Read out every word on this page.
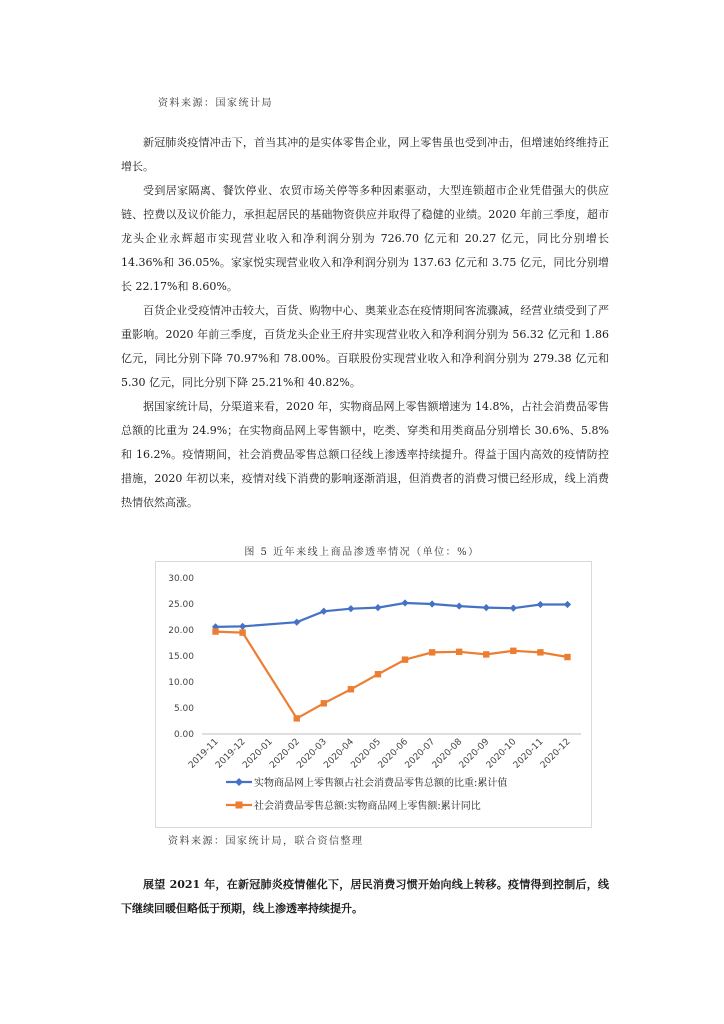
资料来源：国家统计局

新冠肺炎疫情冲击下，首当其冲的是实体零售企业，网上零售虽也受到冲击，但增速始终维持正增长。

受到居家隔离、餐饮停业、农贸市场关停等多种因素驱动，大型连锁超市企业凭借强大的供应链、控费以及议价能力，承担起居民的基础物资供应并取得了稳健的业绩。2020 年前三季度，超市龙头企业永辉超市实现营业收入和净利润分别为 726.70 亿元和 20.27 亿元，同比分别增长 14.36%和 36.05%。家家悦实现营业收入和净利润分别为 137.63 亿元和 3.75 亿元，同比分别增长 22.17%和 8.60%。

百货企业受疫情冲击较大，百货、购物中心、奥莱业态在疫情期间客流骤减，经营业绩受到了严重影响。2020 年前三季度，百货龙头企业王府井实现营业收入和净利润分别为 56.32 亿元和 1.86 亿元，同比分别下降 70.97%和 78.00%。百联股份实现营业收入和净利润分别为 279.38 亿元和 5.30 亿元，同比分别下降 25.21%和 40.82%。

据国家统计局，分渠道来看，2020 年，实物商品网上零售额增速为 14.8%，占社会消费品零售总额的比重为 24.9%；在实物商品网上零售额中，吃类、穿类和用类商品分别增长 30.6%、5.8%和 16.2%。疫情期间，社会消费品零售总额口径线上渗透率持续提升。得益于国内高效的疫情防控措施，2020 年初以来，疫情对线下消费的影响逐渐消退，但消费者的消费习惯已经形成，线上消费热情依然高涨。

图 5 近年来线上商品渗透率情况（单位：%）
0.00
5.00
10.00
15.00
20.00
25.00
30.00
2019-11
2019-12
2020-01
2020-02
2020-03
2020-04
2020-05
2020-06
2020-07
2020-08
2020-09
2020-10
2020-11
2020-12
实物商品网上零售额占社会消费品零售总额的比重:累计值
社会消费品零售总额:实物商品网上零售额:累计同比
资料来源：国家统计局，联合资信整理

展望 2021 年，在新冠肺炎疫情催化下，居民消费习惯开始向线上转移。疫情得到控制后，线下继续回暖但略低于预期，线上渗透率持续提升。
